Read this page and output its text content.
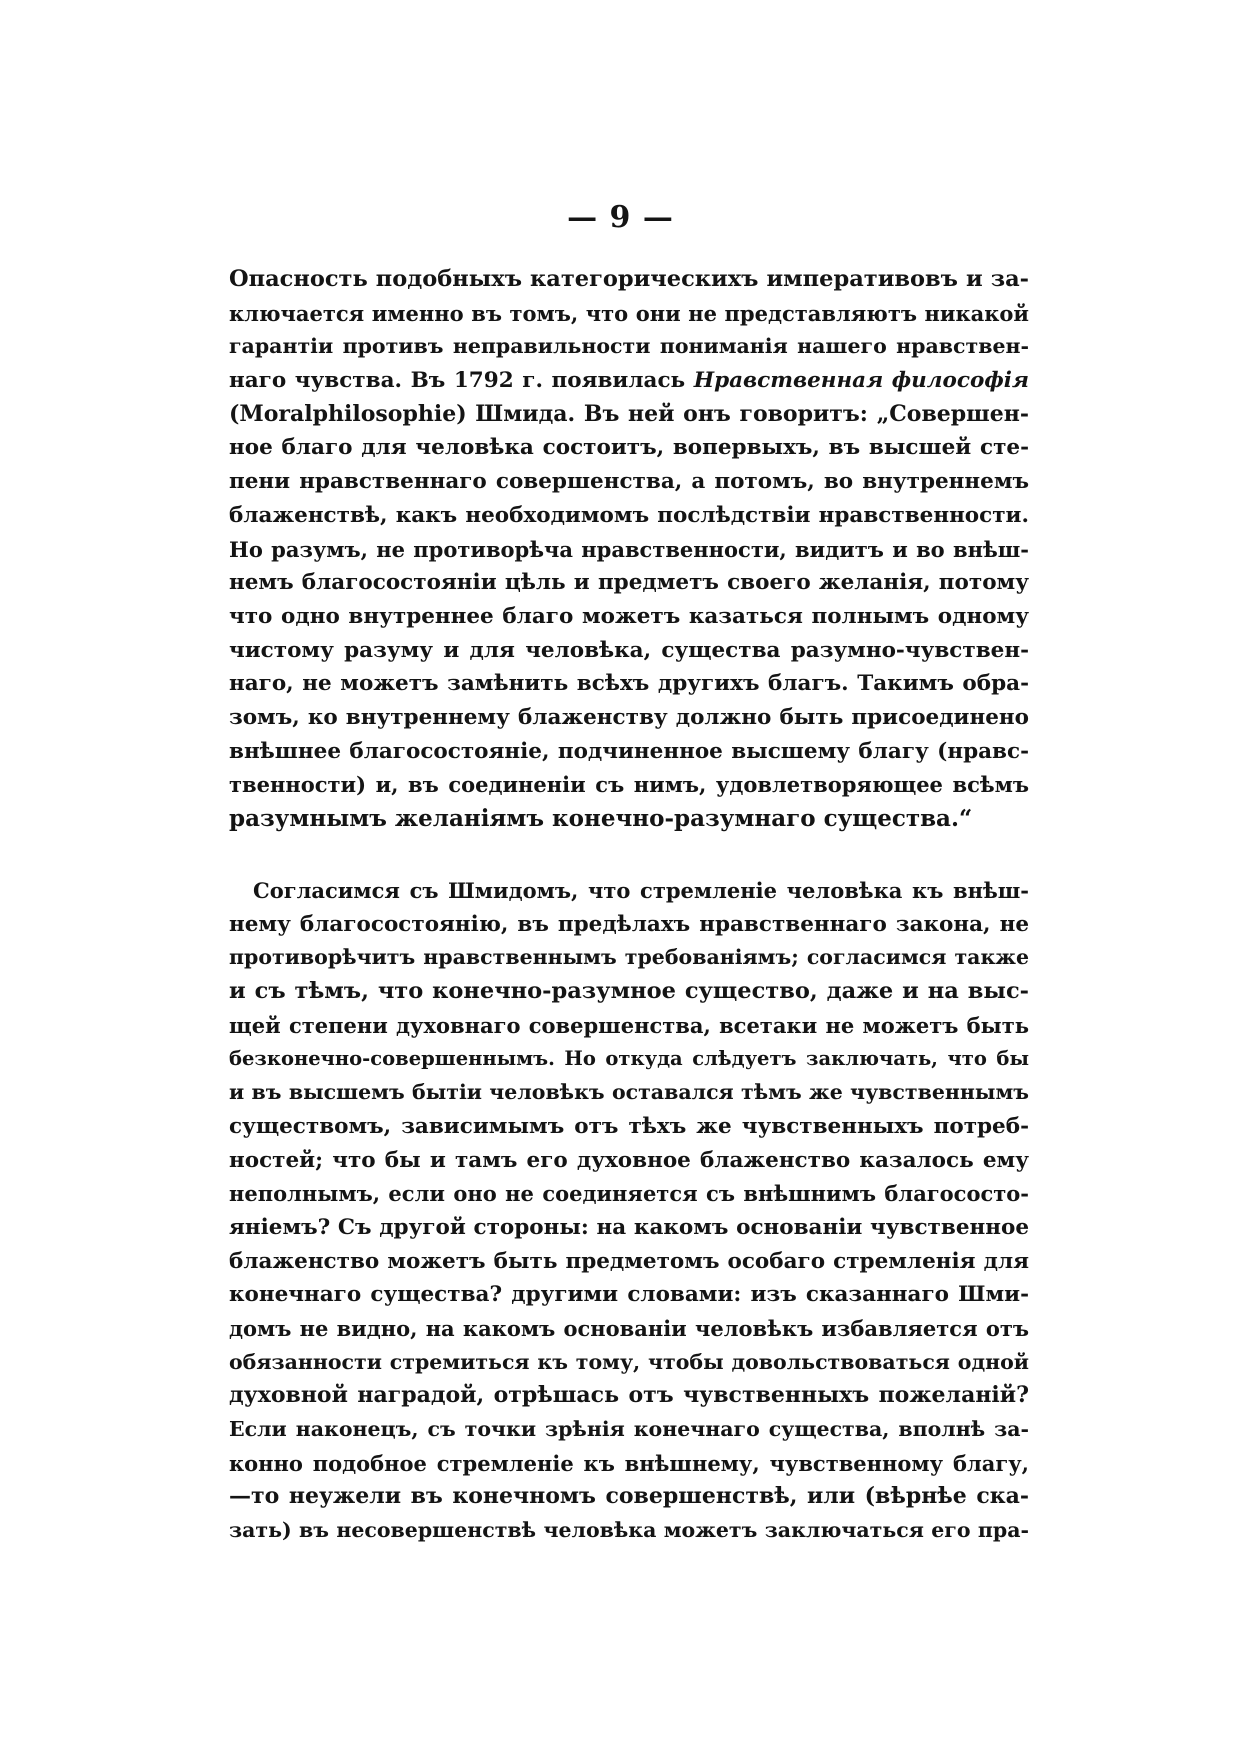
— 9 —
Опасность подобныхъ категорическихъ императивовъ и за-
ключается именно въ томъ, что они не представляютъ никакой
гарантіи противъ неправильности пониманія нашего нравствен-
наго чувства. Въ 1792 г. появилась Нравственная философія
(Moralphilosophie) Шмида. Въ ней онъ говоритъ: „Совершен-
ное благо для человѣка состоитъ, вопервыхъ, въ высшей сте-
пени нравственнаго совершенства, а потомъ, во внутреннемъ
блаженствѣ, какъ необходимомъ послѣдствіи нравственности.
Но разумъ, не противорѣча нравственности, видитъ и во внѣш-
немъ благосостояніи цѣль и предметъ своего желанія, потому
что одно внутреннее благо можетъ казаться полнымъ одному
чистому разуму и для человѣка, существа разумно-чувствен-
наго, не можетъ замѣнить всѣхъ другихъ благъ. Такимъ обра-
зомъ, ко внутреннему блаженству должно быть присоединено
внѣшнее благосостояніе, подчиненное высшему благу (нравс-
твенности) и, въ соединеніи съ нимъ, удовлетворяющее всѣмъ
разумнымъ желаніямъ конечно-разумнаго существа.“
Согласимся съ Шмидомъ, что стремленіе человѣка къ внѣш-
нему благосостоянію, въ предѣлахъ нравственнаго закона, не
противорѣчитъ нравственнымъ требованіямъ; согласимся также
и съ тѣмъ, что конечно-разумное существо, даже и на выс-
щей степени духовнаго совершенства, всетаки не можетъ быть
безконечно-совершеннымъ. Но откуда слѣдуетъ заключать, что бы
и въ высшемъ бытіи человѣкъ оставался тѣмъ же чувственнымъ
существомъ, зависимымъ отъ тѣхъ же чувственныхъ потреб-
ностей; что бы и тамъ его духовное блаженство казалось ему
неполнымъ, если оно не соединяется съ внѣшнимъ благососто-
яніемъ? Съ другой стороны: на какомъ основаніи чувственное
блаженство можетъ быть предметомъ особаго стремленія для
конечнаго существа? другими словами: изъ сказаннаго Шми-
домъ не видно, на какомъ основаніи человѣкъ избавляется отъ
обязанности стремиться къ тому, чтобы довольствоваться одной
духовной наградой, отрѣшась отъ чувственныхъ пожеланій?
Если наконецъ, съ точки зрѣнія конечнаго существа, вполнѣ за-
конно подобное стремленіе къ внѣшнему, чувственному благу,
—то неужели въ конечномъ совершенствѣ, или (вѣрнѣе ска-
зать) въ несовершенствѣ человѣка можетъ заключаться его пра-
